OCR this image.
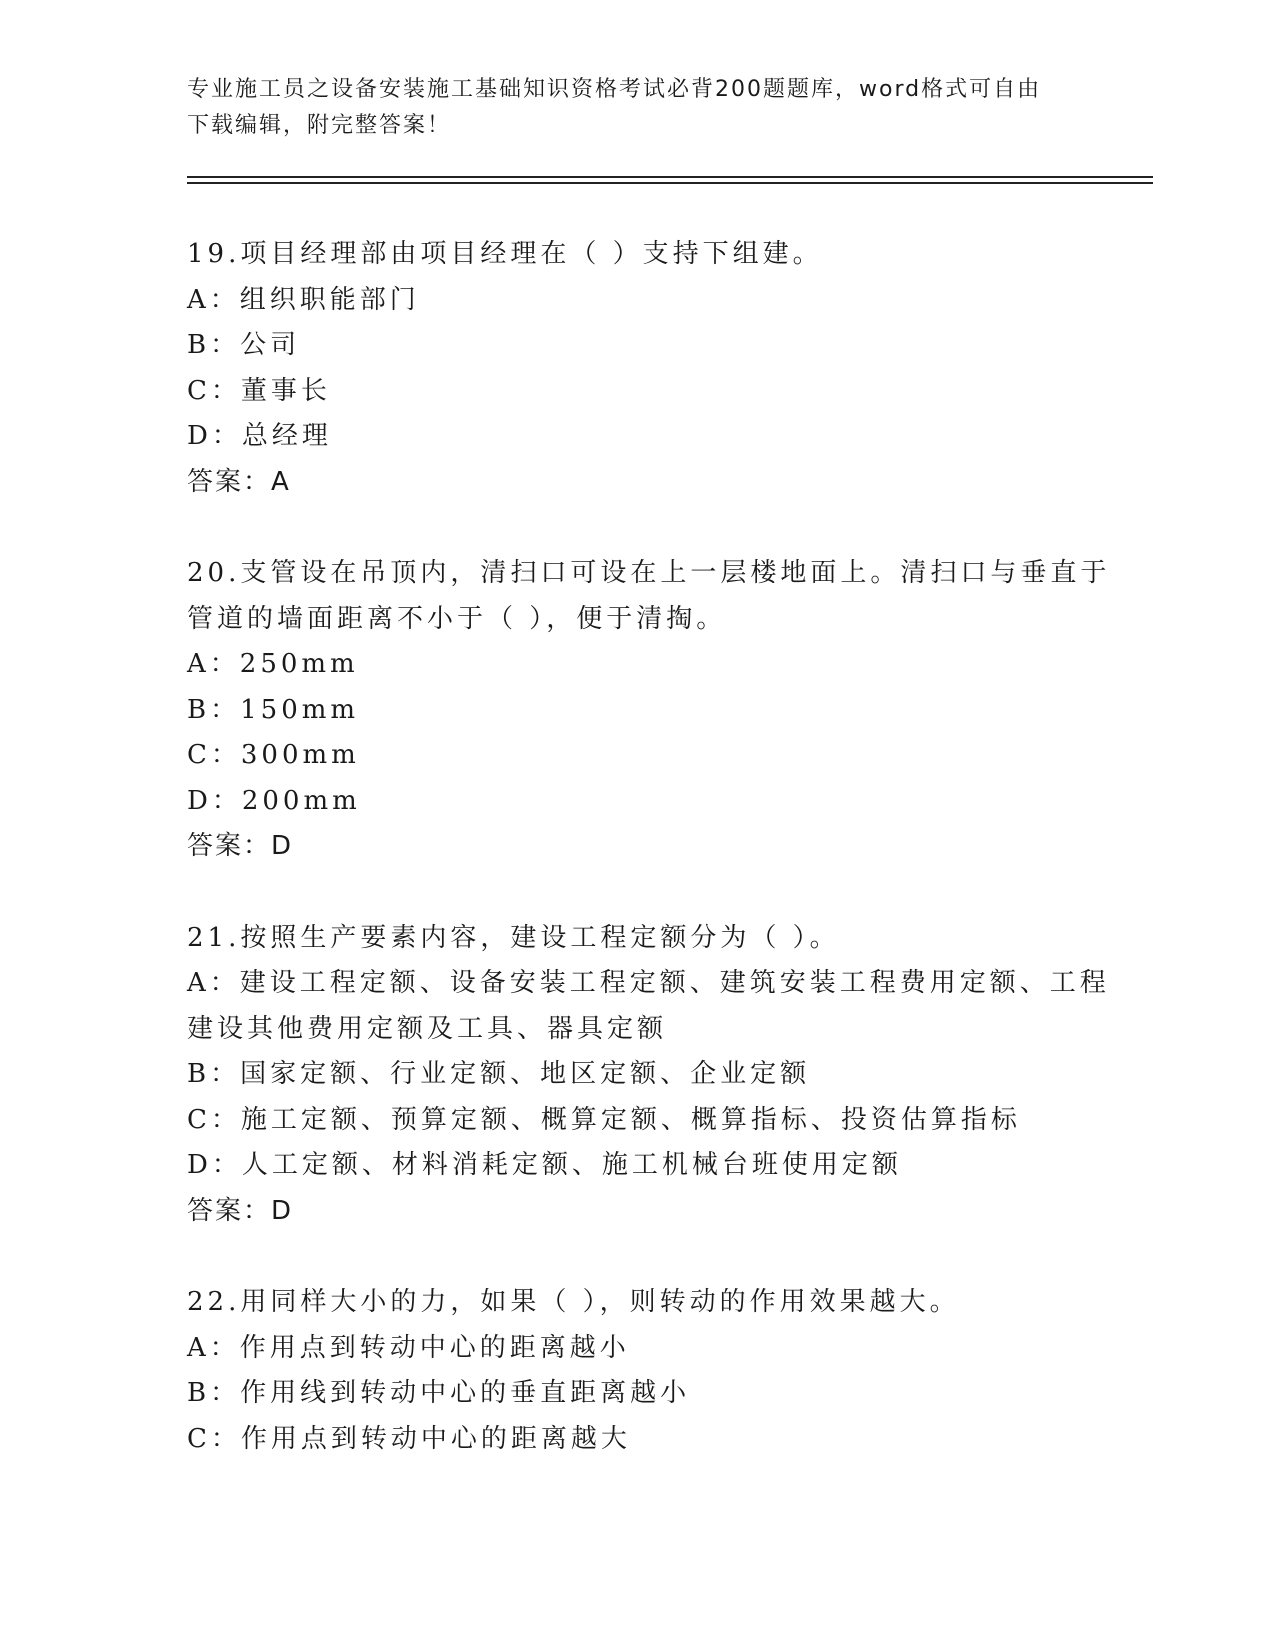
专业施工员之设备安装施工基础知识资格考试必背200题题库，word格式可自由
下载编辑，附完整答案！
19.项目经理部由项目经理在（ ）支持下组建。
A：组织职能部门
B：公司
C：董事长
D：总经理
答案：A
20.支管设在吊顶内，清扫口可设在上一层楼地面上。清扫口与垂直于
管道的墙面距离不小于（ ），便于清掏。
A：250mm
B：150mm
C：300mm
D：200mm
答案：D
21.按照生产要素内容，建设工程定额分为（ ）。
A：建设工程定额、设备安装工程定额、建筑安装工程费用定额、工程
建设其他费用定额及工具、器具定额
B：国家定额、行业定额、地区定额、企业定额
C：施工定额、预算定额、概算定额、概算指标、投资估算指标
D：人工定额、材料消耗定额、施工机械台班使用定额
答案：D
22.用同样大小的力，如果（ ），则转动的作用效果越大。
A：作用点到转动中心的距离越小
B：作用线到转动中心的垂直距离越小
C：作用点到转动中心的距离越大
